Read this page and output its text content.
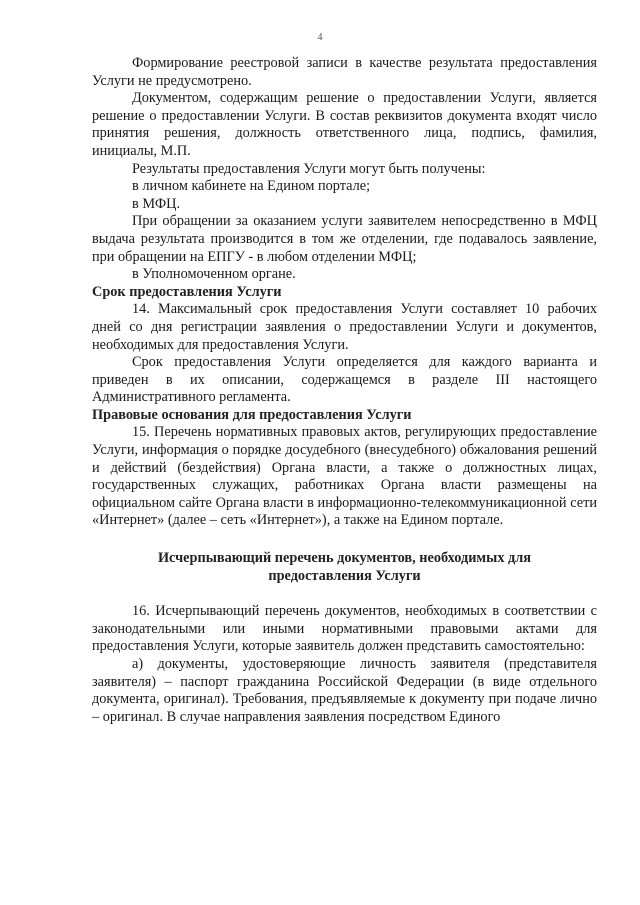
4

Формирование реестровой записи в качестве результата предоставления Услуги не предусмотрено.

Документом, содержащим решение о предоставлении Услуги, является решение о предоставлении Услуги. В состав реквизитов документа входят число принятия решения, должность ответственного лица, подпись, фамилия, инициалы, М.П.

Результаты предоставления Услуги могут быть получены:

в личном кабинете на Едином портале;

в МФЦ.

При обращении за оказанием услуги заявителем непосредственно в МФЦ выдача результата производится в том же отделении, где подавалось заявление, при обращении на ЕПГУ - в любом отделении МФЦ;

в Уполномоченном органе.

Срок предоставления Услуги

14. Максимальный срок предоставления Услуги составляет 10 рабочих дней со дня регистрации заявления о предоставлении Услуги и документов, необходимых для предоставления Услуги.

Срок предоставления Услуги определяется для каждого варианта и приведен в их описании, содержащемся в разделе III настоящего Административного регламента.

Правовые основания для предоставления Услуги

15. Перечень нормативных правовых актов, регулирующих предоставление Услуги, информация о порядке досудебного (внесудебного) обжалования решений и действий (бездействия) Органа власти, а также о должностных лицах, государственных служащих, работниках Органа власти размещены на официальном сайте Органа власти в информационно-телекоммуникационной сети «Интернет» (далее – сеть «Интернет»), а также на Едином портале.

Исчерпывающий перечень документов, необходимых для
предоставления Услуги

16. Исчерпывающий перечень документов, необходимых в соответствии с законодательными или иными нормативными правовыми актами для предоставления Услуги, которые заявитель должен представить самостоятельно:

а) документы, удостоверяющие личность заявителя (представителя заявителя) – паспорт гражданина Российской Федерации (в виде отдельного документа, оригинал). Требования, предъявляемые к документу при подаче лично – оригинал. В случае направления заявления посредством Единого
